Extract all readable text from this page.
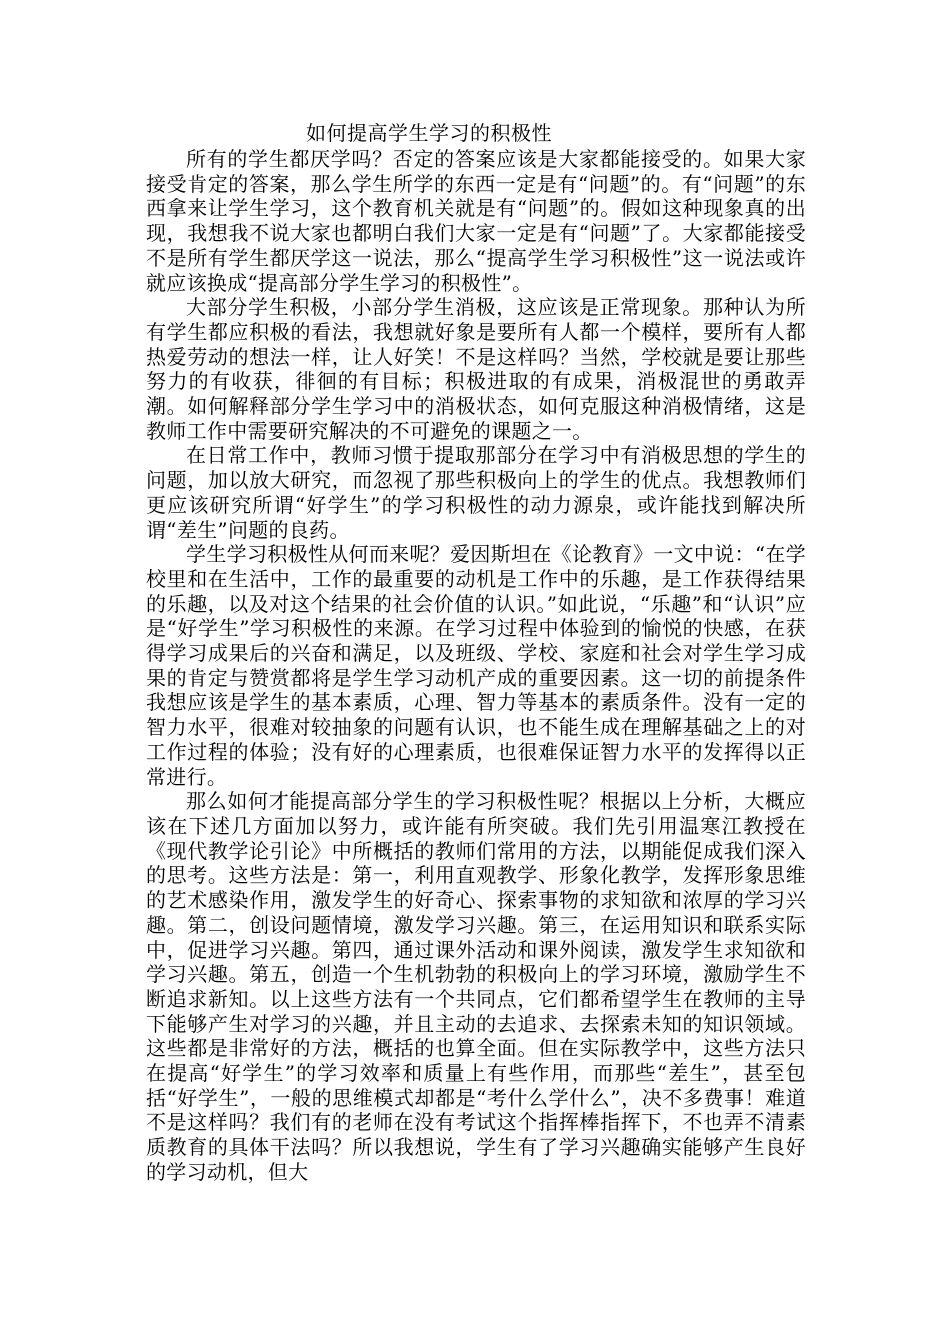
如何提高学生学习的积极性

所有的学生都厌学吗？否定的答案应该是大家都能接受的。如果大家接受肯定的答案，那么学生所学的东西一定是有“问题”的。有“问题”的东西拿来让学生学习，这个教育机关就是有“问题”的。假如这种现象真的出现，我想我不说大家也都明白我们大家一定是有“问题”了。大家都能接受不是所有学生都厌学这一说法，那么“提高学生学习积极性”这一说法或许就应该换成“提高部分学生学习的积极性”。

大部分学生积极，小部分学生消极，这应该是正常现象。那种认为所有学生都应积极的看法，我想就好象是要所有人都一个模样，要所有人都热爱劳动的想法一样，让人好笑！不是这样吗？当然，学校就是要让那些努力的有收获，徘徊的有目标；积极进取的有成果，消极混世的勇敢弄潮。如何解释部分学生学习中的消极状态，如何克服这种消极情绪，这是教师工作中需要研究解决的不可避免的课题之一。

在日常工作中，教师习惯于提取那部分在学习中有消极思想的学生的问题，加以放大研究，而忽视了那些积极向上的学生的优点。我想教师们更应该研究所谓“好学生”的学习积极性的动力源泉，或许能找到解决所谓“差生”问题的良药。

学生学习积极性从何而来呢？爱因斯坦在《论教育》一文中说：“在学校里和在生活中，工作的最重要的动机是工作中的乐趣，是工作获得结果的乐趣，以及对这个结果的社会价值的认识。”如此说，“乐趣”和“认识”应是“好学生”学习积极性的来源。在学习过程中体验到的愉悦的快感，在获得学习成果后的兴奋和满足，以及班级、学校、家庭和社会对学生学习成果的肯定与赞赏都将是学生学习动机产成的重要因素。这一切的前提条件我想应该是学生的基本素质，心理、智力等基本的素质条件。没有一定的智力水平，很难对较抽象的问题有认识，也不能生成在理解基础之上的对工作过程的体验；没有好的心理素质，也很难保证智力水平的发挥得以正常进行。

那么如何才能提高部分学生的学习积极性呢？根据以上分析，大概应该在下述几方面加以努力，或许能有所突破。我们先引用温寒江教授在《现代教学论引论》中所概括的教师们常用的方法，以期能促成我们深入的思考。这些方法是：第一，利用直观教学、形象化教学，发挥形象思维的艺术感染作用，激发学生的好奇心、探索事物的求知欲和浓厚的学习兴趣。第二，创设问题情境，激发学习兴趣。第三，在运用知识和联系实际中，促进学习兴趣。第四，通过课外活动和课外阅读，激发学生求知欲和学习兴趣。第五，创造一个生机勃勃的积极向上的学习环境，激励学生不断追求新知。以上这些方法有一个共同点，它们都希望学生在教师的主导下能够产生对学习的兴趣，并且主动的去追求、去探索未知的知识领域。这些都是非常好的方法，概括的也算全面。但在实际教学中，这些方法只在提高“好学生”的学习效率和质量上有些作用，而那些“差生”，甚至包括“好学生”，一般的思维模式却都是“考什么学什么”，决不多费事！难道不是这样吗？我们有的老师在没有考试这个指挥棒指挥下，不也弄不清素质教育的具体干法吗？所以我想说，学生有了学习兴趣确实能够产生良好的学习动机，但大
